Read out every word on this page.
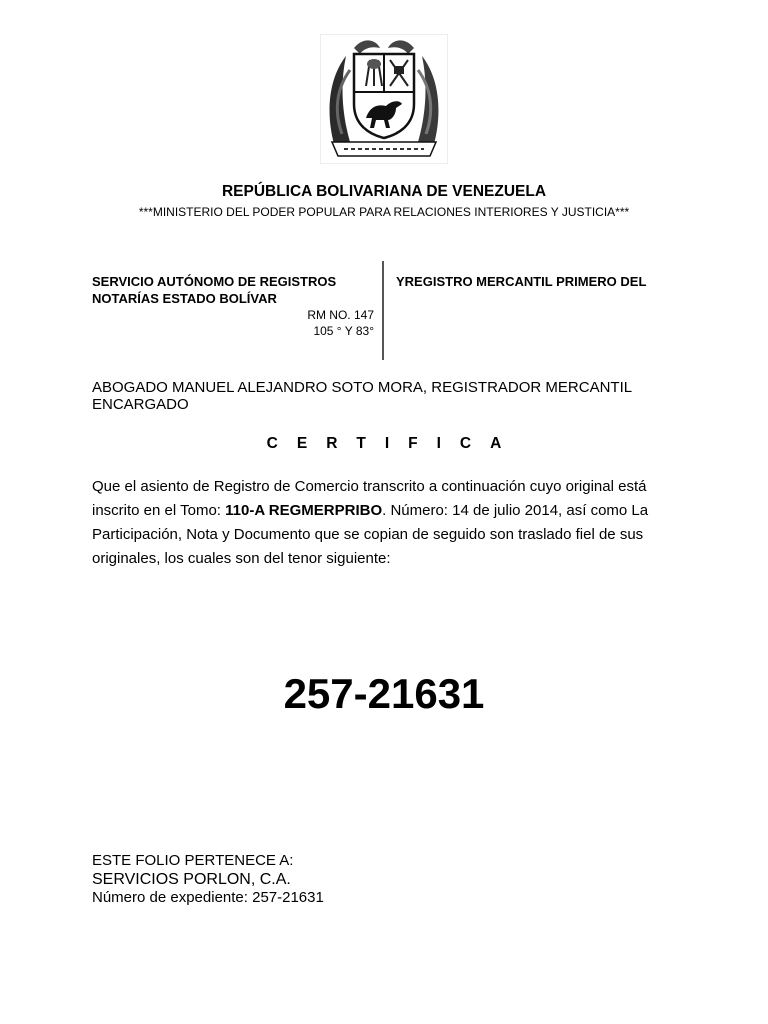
REPÚBLICA BOLIVARIANA DE VENEZUELA
***MINISTERIO DEL PODER POPULAR PARA RELACIONES INTERIORES Y JUSTICIA***
SERVICIO AUTÓNOMO DE REGISTROS
NOTARÍAS ESTADO BOLÍVAR
RM NO. 147
105 ° Y 83°
YREGISTRO MERCANTIL PRIMERO DEL
ABOGADO MANUEL ALEJANDRO SOTO MORA, REGISTRADOR MERCANTIL ENCARGADO
CERTIFICA
Que el asiento de Registro de Comercio transcrito a continuación cuyo original está inscrito en el Tomo: 110-A REGMERPRIBO. Número: 14 de julio 2014, así como La Participación, Nota y Documento que se copian de seguido son traslado fiel de sus originales, los cuales son del tenor siguiente:
257-21631
ESTE FOLIO PERTENECE A:
SERVICIOS PORLON, C.A.
Número de expediente: 257-21631
